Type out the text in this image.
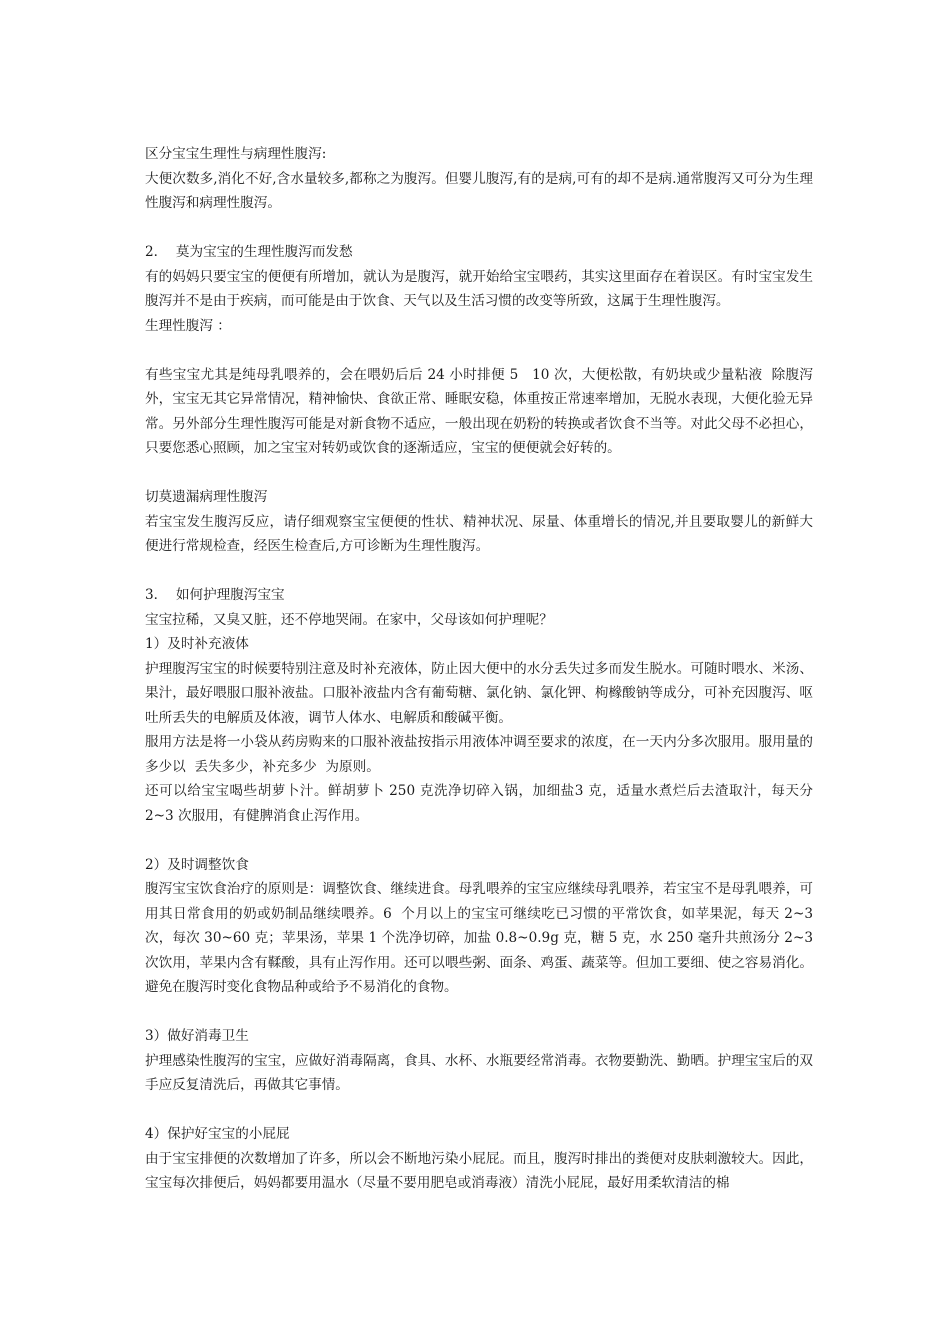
区分宝宝生理性与病理性腹泻:

大便次数多,消化不好,含水量较多,都称之为腹泻。但婴儿腹泻,有的是病,可有的却不是病.通常腹泻又可分为生理性腹泻和病理性腹泻。

2．  莫为宝宝的生理性腹泻而发愁

有的妈妈只要宝宝的便便有所增加，就认为是腹泻，就开始给宝宝喂药，其实这里面存在着误区。有时宝宝发生腹泻并不是由于疾病，而可能是由于饮食、天气以及生活习惯的改变等所致，这属于生理性腹泻。

生理性腹泻 ：

有些宝宝尤其是纯母乳喂养的，会在喂奶后后 24 小时排便 5   10 次，大便松散，有奶块或少量粘液  除腹泻外，宝宝无其它异常情况，精神愉快、食欲正常、睡眠安稳，体重按正常速率增加，无脱水表现，大便化验无异常。另外部分生理性腹泻可能是对新食物不适应，一般出现在奶粉的转换或者饮食不当等。对此父母不必担心，只要您悉心照顾，加之宝宝对转奶或饮食的逐渐适应，宝宝的便便就会好转的。

切莫遗漏病理性腹泻

若宝宝发生腹泻反应，请仔细观察宝宝便便的性状、精神状况、尿量、体重增长的情况,并且要取婴儿的新鲜大便进行常规检查，经医生检查后,方可诊断为生理性腹泻。

3．  如何护理腹泻宝宝

宝宝拉稀，又臭又脏，还不停地哭闹。在家中，父母该如何护理呢？

1）及时补充液体

护理腹泻宝宝的时候要特别注意及时补充液体，防止因大便中的水分丢失过多而发生脱水。可随时喂水、米汤、果汁，最好喂服口服补液盐。口服补液盐内含有葡萄糖、氯化钠、氯化钾、枸橼酸钠等成分，可补充因腹泻、呕吐所丢失的电解质及体液，调节人体水、电解质和酸碱平衡。

服用方法是将一小袋从药房购来的口服补液盐按指示用液体冲调至要求的浓度，在一天内分多次服用。服用量的多少以  丢失多少，补充多少  为原则。

还可以给宝宝喝些胡萝卜汁。鲜胡萝卜 250 克洗净切碎入锅，加细盐3 克，适量水煮烂后去渣取汁，每天分 2~3 次服用，有健脾消食止泻作用。

2）及时调整饮食

腹泻宝宝饮食治疗的原则是：调整饮食、继续进食。母乳喂养的宝宝应继续母乳喂养，若宝宝不是母乳喂养，可用其日常食用的奶或奶制品继续喂养。6  个月以上的宝宝可继续吃已习惯的平常饮食，如苹果泥，每天 2~3 次，每次 30~60 克；苹果汤，苹果 1 个洗净切碎，加盐 0.8~0.9g 克，糖 5 克，水 250 毫升共煎汤分 2~3 次饮用，苹果内含有鞣酸，具有止泻作用。还可以喂些粥、面条、鸡蛋、蔬菜等。但加工要细、使之容易消化。避免在腹泻时变化食物品种或给予不易消化的食物。

3）做好消毒卫生

护理感染性腹泻的宝宝，应做好消毒隔离，食具、水杯、水瓶要经常消毒。衣物要勤洗、勤晒。护理宝宝后的双手应反复清洗后，再做其它事情。

4）保护好宝宝的小屁屁

由于宝宝排便的次数增加了许多，所以会不断地污染小屁屁。而且，腹泻时排出的粪便对皮肤刺激较大。因此，宝宝每次排便后，妈妈都要用温水（尽量不要用肥皂或消毒液）清洗小屁屁，最好用柔软清洁的棉
